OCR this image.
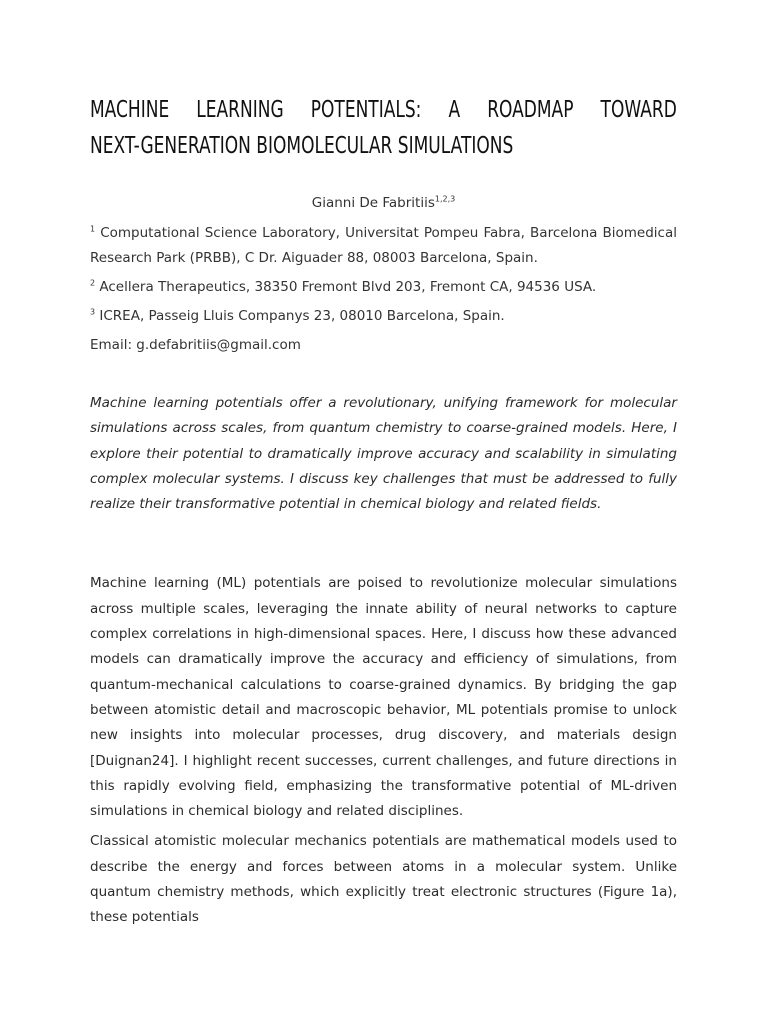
MACHINE LEARNING POTENTIALS: A ROADMAP TOWARD
NEXT-GENERATION BIOMOLECULAR SIMULATIONS
Gianni De Fabritiis$^{1,2,3}$

$^1$ Computational Science Laboratory, Universitat Pompeu Fabra, Barcelona Biomedical Research Park (PRBB), C Dr. Aiguader 88, 08003 Barcelona, Spain.

$^2$ Acellera Therapeutics, 38350 Fremont Blvd 203, Fremont CA, 94536 USA.

$^3$ ICREA, Passeig Lluis Companys 23, 08010 Barcelona, Spain.

Email: g.defabritiis@gmail.com

Machine learning potentials offer a revolutionary, unifying framework for molecular simulations across scales, from quantum chemistry to coarse-grained models. Here, I explore their potential to dramatically improve accuracy and scalability in simulating complex molecular systems. I discuss key challenges that must be addressed to fully realize their transformative potential in chemical biology and related fields.

Machine learning (ML) potentials are poised to revolutionize molecular simulations across multiple scales, leveraging the innate ability of neural networks to capture complex correlations in high-dimensional spaces. Here, I discuss how these advanced models can dramatically improve the accuracy and efficiency of simulations, from quantum-mechanical calculations to coarse-grained dynamics. By bridging the gap between atomistic detail and macroscopic behavior, ML potentials promise to unlock new insights into molecular processes, drug discovery, and materials design [Duignan24]. I highlight recent successes, current challenges, and future directions in this rapidly evolving field, emphasizing the transformative potential of ML-driven simulations in chemical biology and related disciplines.

Classical atomistic molecular mechanics potentials are mathematical models used to describe the energy and forces between atoms in a molecular system. Unlike quantum chemistry methods, which explicitly treat electronic structures (Figure 1a), these potentials
